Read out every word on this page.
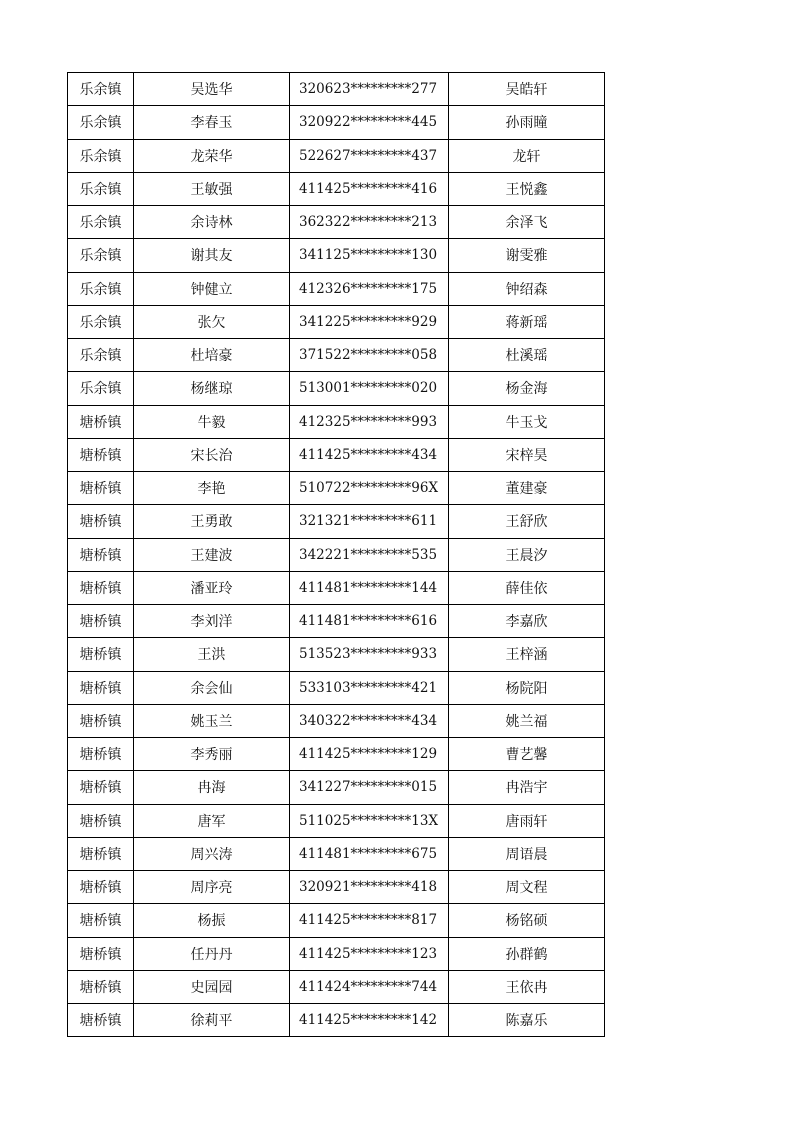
乐余镇	吴选华	320623*********277	吴皓轩
乐余镇	李春玉	320922*********445	孙雨瞳
乐余镇	龙荣华	522627*********437	龙轩
乐余镇	王敏强	411425*********416	王悦鑫
乐余镇	余诗林	362322*********213	余泽飞
乐余镇	谢其友	341125*********130	谢雯雅
乐余镇	钟健立	412326*********175	钟绍森
乐余镇	张欠	341225*********929	蒋新瑶
乐余镇	杜培豪	371522*********058	杜溪瑶
乐余镇	杨继琼	513001*********020	杨金海
塘桥镇	牛毅	412325*********993	牛玉戈
塘桥镇	宋长治	411425*********434	宋梓昊
塘桥镇	李艳	510722*********96X	董建豪
塘桥镇	王勇敢	321321*********611	王舒欣
塘桥镇	王建波	342221*********535	王晨汐
塘桥镇	潘亚玲	411481*********144	薛佳依
塘桥镇	李刘洋	411481*********616	李嘉欣
塘桥镇	王洪	513523*********933	王梓涵
塘桥镇	余会仙	533103*********421	杨院阳
塘桥镇	姚玉兰	340322*********434	姚兰福
塘桥镇	李秀丽	411425*********129	曹艺馨
塘桥镇	冉海	341227*********015	冉浩宇
塘桥镇	唐军	511025*********13X	唐雨轩
塘桥镇	周兴涛	411481*********675	周语晨
塘桥镇	周序亮	320921*********418	周文程
塘桥镇	杨振	411425*********817	杨铭硕
塘桥镇	任丹丹	411425*********123	孙群鹤
塘桥镇	史园园	411424*********744	王依冉
塘桥镇	徐莉平	411425*********142	陈嘉乐
